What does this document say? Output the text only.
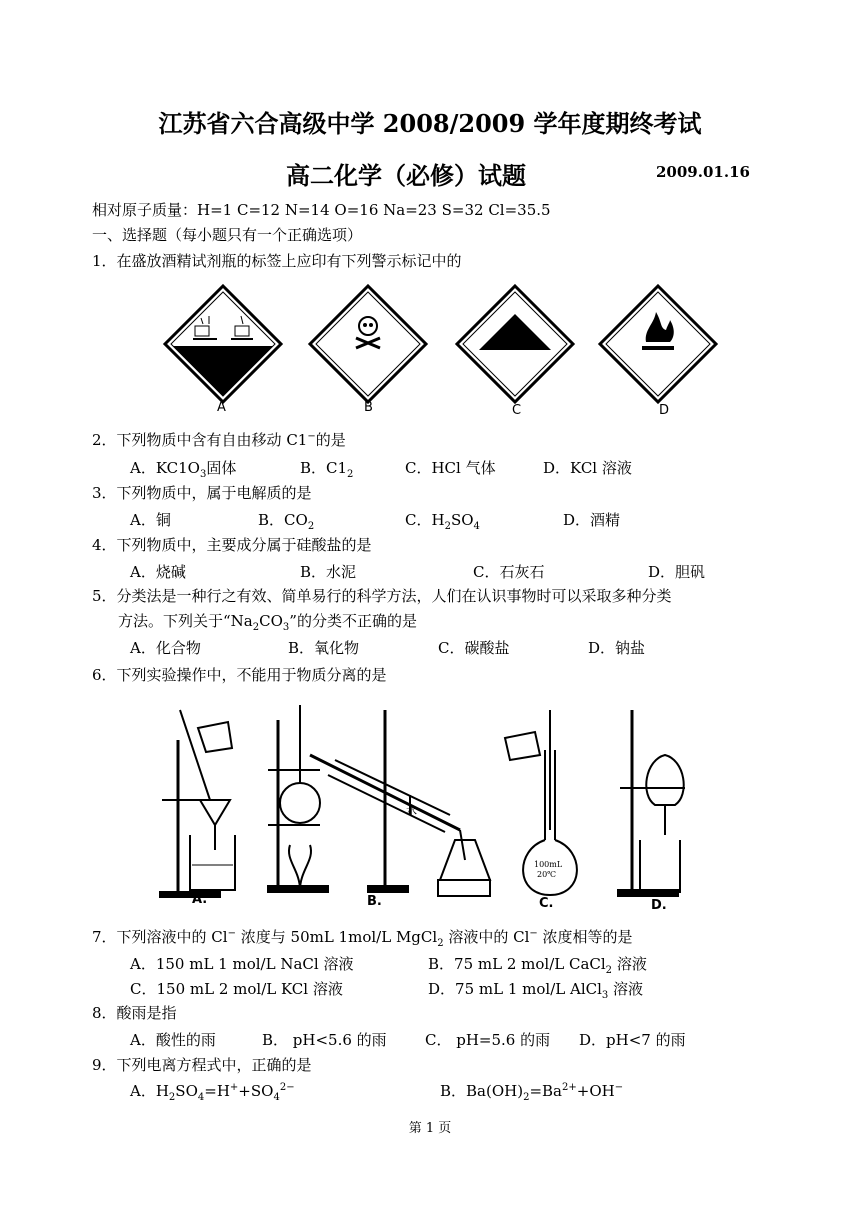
江苏省六合高级中学 2008/2009 学年度期终考试
高二化学（必修）试题	2009.01.16
相对原子质量：H=1 C=12 N=14 O=16 Na=23 S=32 Cl=35.5
一、选择题（每小题只有一个正确选项）
1．在盛放酒精试剂瓶的标签上应印有下列警示标记中的
A	B	C	D
2．下列物质中含有自由移动 C1−的是
A．$KC1O_3$固体	B．$C1_2$	C．HCl 气体	D．KCl 溶液
3．下列物质中，属于电解质的是
A．铜	B．$CO_2$	C．$H_2SO_4$	D．酒精
4．下列物质中，主要成分属于硅酸盐的是
A．烧碱	B．水泥	C．石灰石	D．胆矾
5．分类法是一种行之有效、简单易行的科学方法，人们在认识事物时可以采取多种分类
方法。下列关于“$Na_2CO_3$”的分类不正确的是
A．化合物	B．氧化物	C．碳酸盐	D．钠盐
6．下列实验操作中，不能用于物质分离的是
水
100mL
20℃
A.	B.	C.	D.
7．下列溶液中的 Cl− 浓度与 50mL 1mol/L MgCl$_2$ 溶液中的 Cl− 浓度相等的是
A．150 mL 1 mol/L NaCl 溶液	B．75 mL 2 mol/L CaCl$_2$ 溶液
C．150 mL 2 mol/L KCl 溶液	D．75 mL 1 mol/L AlCl$_3$ 溶液
8．酸雨是指
A．酸性的雨	B． pH<5.6 的雨	C． pH=5.6 的雨 D．pH<7 的雨
9．下列电离方程式中，正确的是
A．$H_2SO_4=H^++SO_4^{2-}$	B．$Ba(OH)_2=Ba^{2+}+OH^-$
第 1 页
